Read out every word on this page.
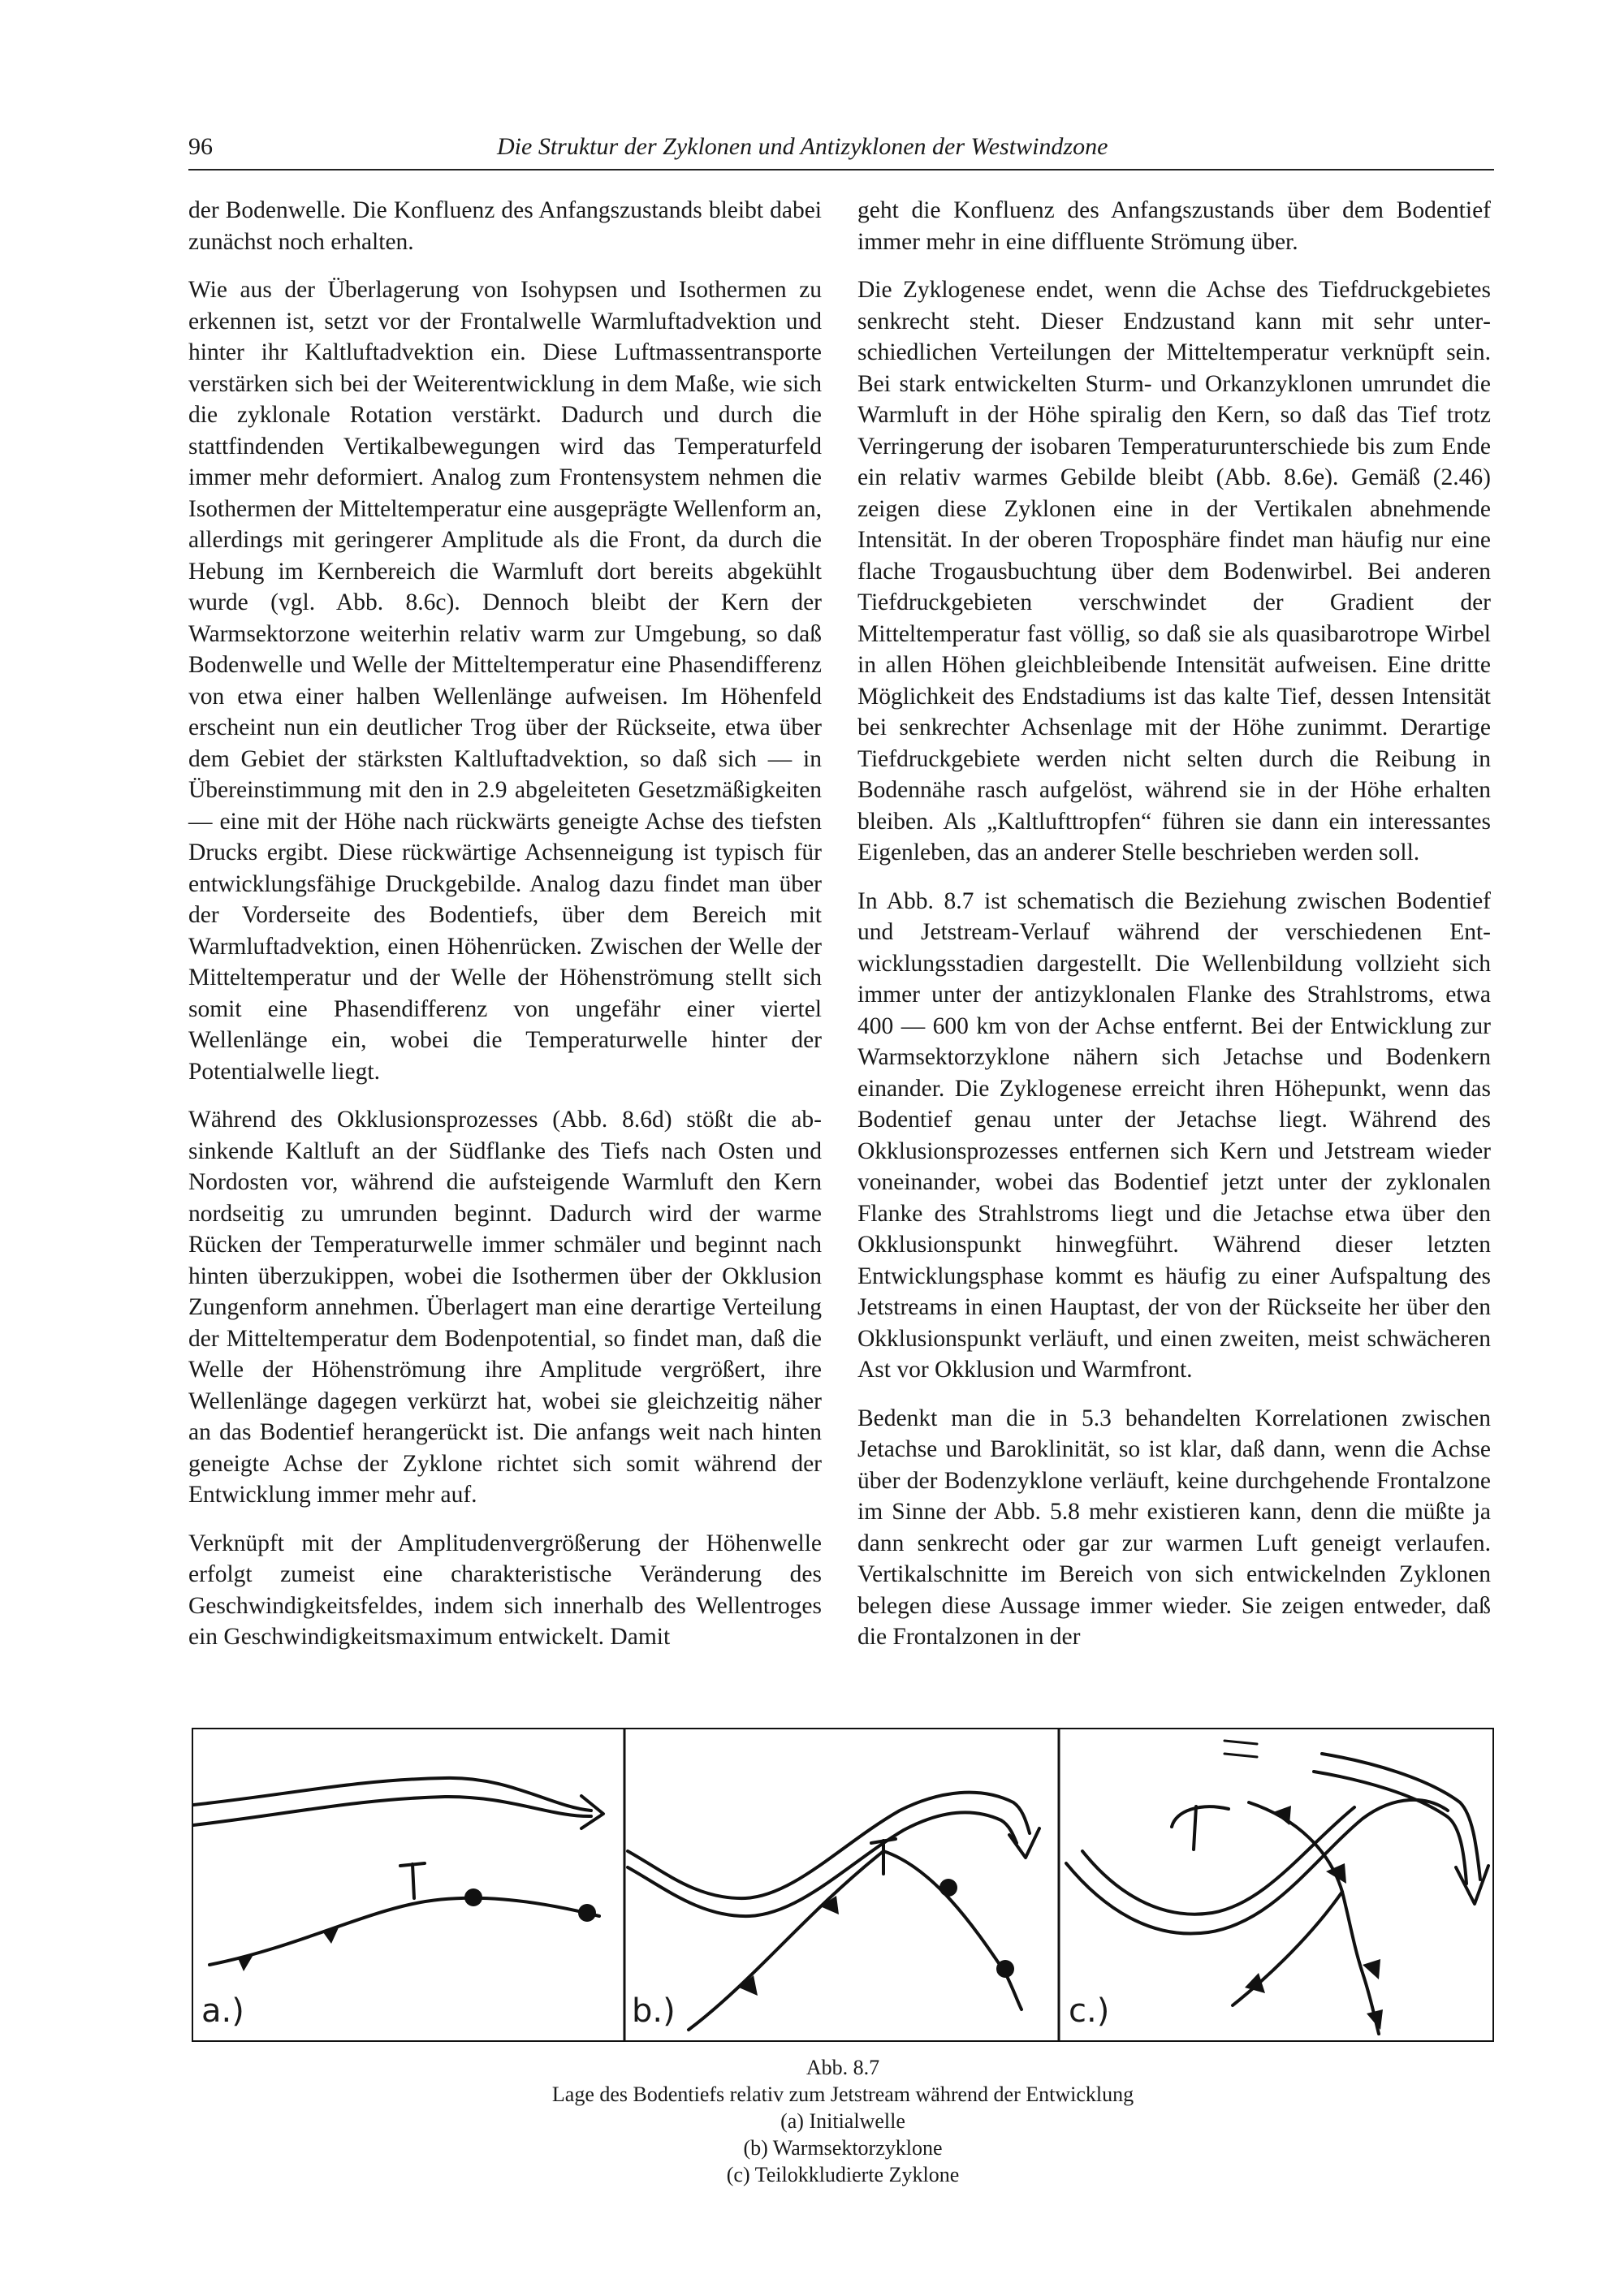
96	Die Struktur der Zyklonen und Antizyklonen der Westwindzone

der Bodenwelle. Die Konfluenz des Anfangszustands bleibt dabei zunächst noch erhalten.

Wie aus der Überlagerung von Isohypsen und Isothermen zu erkennen ist, setzt vor der Frontalwelle Warmluftadvektion und hinter ihr Kaltluftadvektion ein. Diese Luftmassentransporte verstärken sich bei der Weiterentwicklung in dem Maße, wie sich die zyklonale Rotation verstärkt. Dadurch und durch die stattfindenden Vertikalbewegungen wird das Temperaturfeld immer mehr deformiert. Analog zum Frontensystem nehmen die Isothermen der Mitteltemperatur eine ausgeprägte Wellenform an, allerdings mit geringerer Amplitude als die Front, da durch die Hebung im Kernbereich die Warmluft dort bereits abgekühlt wurde (vgl. Abb. 8.6c). Dennoch bleibt der Kern der Warmsektorzone weiterhin relativ warm zur Umgebung, so daß Bodenwelle und Welle der Mitteltemperatur eine Phasendifferenz von etwa einer halben Wellenlänge aufweisen. Im Höhenfeld erscheint nun ein deutlicher Trog über der Rückseite, etwa über dem Gebiet der stärksten Kaltluftadvektion, so daß sich — in Übereinstimmung mit den in 2.9 abgeleiteten Gesetzmäßigkeiten — eine mit der Höhe nach rückwärts geneigte Achse des tiefsten Drucks ergibt. Diese rückwärtige Achsenneigung ist typisch für entwicklungsfähige Druckgebilde. Analog dazu findet man über der Vorderseite des Bodentiefs, über dem Bereich mit Warmluftadvektion, einen Höhenrücken. Zwischen der Welle der Mitteltemperatur und der Welle der Höhenströmung stellt sich somit eine Phasendifferenz von ungefähr einer viertel Wellenlänge ein, wobei die Temperaturwelle hinter der Potentialwelle liegt.

Während des Okklusionsprozesses (Abb. 8.6d) stößt die absinkende Kaltluft an der Südflanke des Tiefs nach Osten und Nordosten vor, während die aufsteigende Warmluft den Kern nordseitig zu umrunden beginnt. Dadurch wird der warme Rücken der Temperaturwelle immer schmäler und beginnt nach hinten überzukippen, wobei die Isothermen über der Okklusion Zungenform annehmen. Überlagert man eine derartige Verteilung der Mitteltemperatur dem Bodenpotential, so findet man, daß die Welle der Höhenströmung ihre Amplitude vergrößert, ihre Wellenlänge dagegen verkürzt hat, wobei sie gleichzeitig näher an das Bodentief herangerückt ist. Die anfangs weit nach hinten geneigte Achse der Zyklone richtet sich somit während der Entwicklung immer mehr auf.

Verknüpft mit der Amplitudenvergrößerung der Höhenwelle erfolgt zumeist eine charakteristische Veränderung des Geschwindigkeitsfeldes, indem sich innerhalb des Wellentroges ein Geschwindigkeitsmaximum entwickelt. Damit

geht die Konfluenz des Anfangszustands über dem Bodentief immer mehr in eine diffluente Strömung über.

Die Zyklogenese endet, wenn die Achse des Tiefdruckgebietes senkrecht steht. Dieser Endzustand kann mit sehr unterschiedlichen Verteilungen der Mitteltemperatur verknüpft sein. Bei stark entwickelten Sturm- und Orkanzyklonen umrundet die Warmluft in der Höhe spiralig den Kern, so daß das Tief trotz Verringerung der isobaren Temperaturunterschiede bis zum Ende ein relativ warmes Gebilde bleibt (Abb. 8.6e). Gemäß (2.46) zeigen diese Zyklonen eine in der Vertikalen abnehmende Intensität. In der oberen Troposphäre findet man häufig nur eine flache Trogausbuchtung über dem Bodenwirbel. Bei anderen Tiefdruckgebieten verschwindet der Gradient der Mitteltemperatur fast völlig, so daß sie als quasibarotrope Wirbel in allen Höhen gleichbleibende Intensität aufweisen. Eine dritte Möglichkeit des Endstadiums ist das kalte Tief, dessen Intensität bei senkrechter Achsenlage mit der Höhe zunimmt. Derartige Tiefdruckgebiete werden nicht selten durch die Reibung in Bodennähe rasch aufgelöst, während sie in der Höhe erhalten bleiben. Als „Kaltlufttropfen“ führen sie dann ein interessantes Eigenleben, das an anderer Stelle beschrieben werden soll.

In Abb. 8.7 ist schematisch die Beziehung zwischen Bodentief und Jetstream-Verlauf während der verschiedenen Entwicklungsstadien dargestellt. Die Wellenbildung vollzieht sich immer unter der antizyklonalen Flanke des Strahlstroms, etwa 400 — 600 km von der Achse entfernt. Bei der Entwicklung zur Warmsektorzyklone nähern sich Jetachse und Bodenkern einander. Die Zyklogenese erreicht ihren Höhepunkt, wenn das Bodentief genau unter der Jetachse liegt. Während des Okklusionsprozesses entfernen sich Kern und Jetstream wieder voneinander, wobei das Bodentief jetzt unter der zyklonalen Flanke des Strahlstroms liegt und die Jetachse etwa über den Okklusionspunkt hinwegführt. Während dieser letzten Entwicklungsphase kommt es häufig zu einer Aufspaltung des Jetstreams in einen Hauptast, der von der Rückseite her über den Okklusionspunkt verläuft, und einen zweiten, meist schwächeren Ast vor Okklusion und Warmfront.

Bedenkt man die in 5.3 behandelten Korrelationen zwischen Jetachse und Baroklinität, so ist klar, daß dann, wenn die Achse über der Bodenzyklone verläuft, keine durchgehende Frontalzone im Sinne der Abb. 5.8 mehr existieren kann, denn die müßte ja dann senkrecht oder gar zur warmen Luft geneigt verlaufen. Vertikalschnitte im Bereich von sich entwickelnden Zyklonen belegen diese Aussage immer wieder. Sie zeigen entweder, daß die Frontalzonen in der

a.)	b.)	c.)
Abb. 8.7
Lage des Bodentiefs relativ zum Jetstream während der Entwicklung
(a) Initialwelle
(b) Warmsektorzyklone
(c) Teilokkludierte Zyklone
